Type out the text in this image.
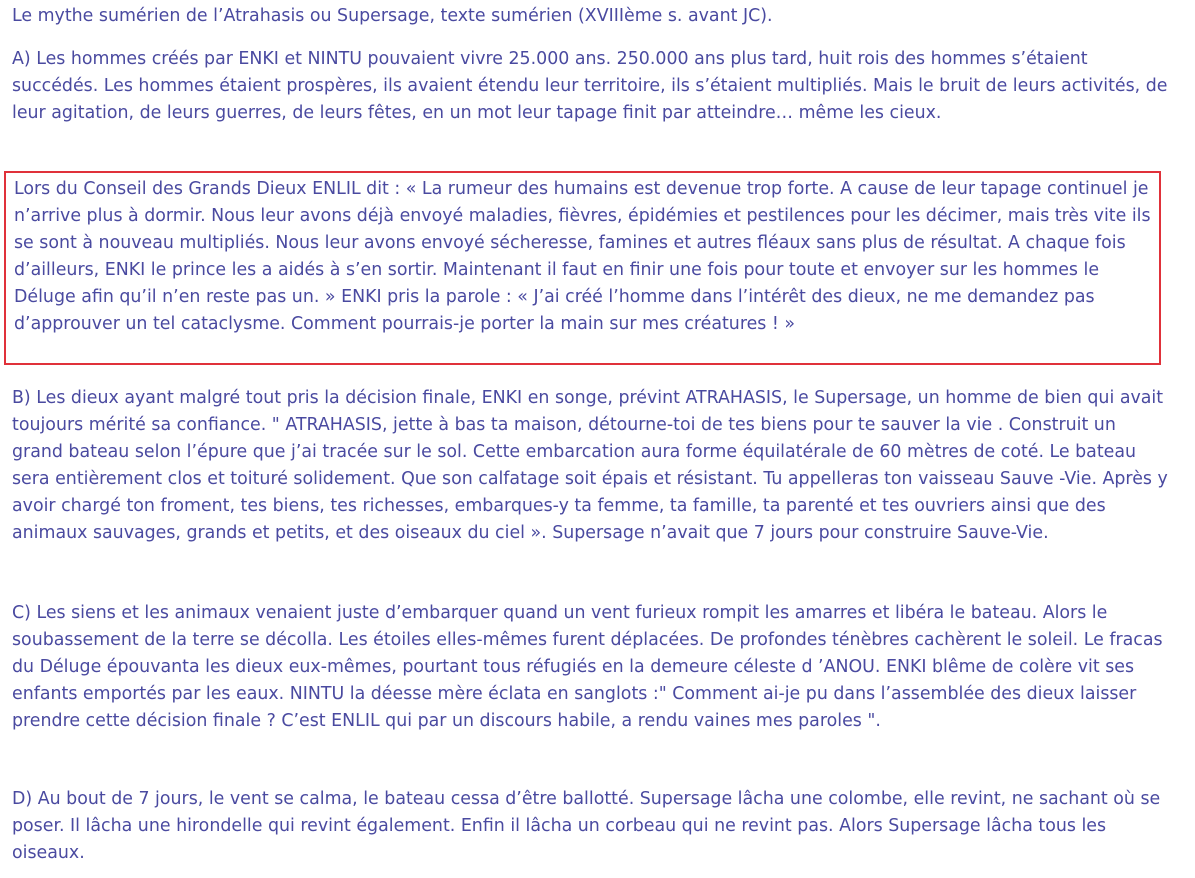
Le mythe sumérien de l’Atrahasis ou Supersage, texte sumérien (XVIIIème s. avant JC).

A) Les hommes créés par ENKI et NINTU pouvaient vivre 25.000 ans. 250.000 ans plus tard, huit rois des hommes s’étaient succédés. Les hommes étaient prospères, ils avaient étendu leur territoire, ils s’étaient multipliés. Mais le bruit de leurs activités, de leur agitation, de leurs guerres, de leurs fêtes, en un mot leur tapage finit par atteindre… même les cieux.

Lors du Conseil des Grands Dieux ENLIL dit : « La rumeur des humains est devenue trop forte. A cause de leur tapage continuel je n’arrive plus à dormir. Nous leur avons déjà envoyé maladies, fièvres, épidémies et pestilences pour les décimer, mais très vite ils se sont à nouveau multipliés. Nous leur avons envoyé sécheresse, famines et autres fléaux sans plus de résultat. A chaque fois d’ailleurs, ENKI le prince les a aidés à s’en sortir. Maintenant il faut en finir une fois pour toute et envoyer sur les hommes le Déluge afin qu’il n’en reste pas un. » ENKI pris la parole : « J’ai créé l’homme dans l’intérêt des dieux, ne me demandez pas d’approuver un tel cataclysme. Comment pourrais-je porter la main sur mes créatures ! »

B) Les dieux ayant malgré tout pris la décision finale, ENKI en songe, prévint ATRAHASIS, le Supersage, un homme de bien qui avait toujours mérité sa confiance. " ATRAHASIS, jette à bas ta maison, détourne-toi de tes biens pour te sauver la vie . Construit un grand bateau selon l’épure que j’ai tracée sur le sol. Cette embarcation aura forme équilatérale de 60 mètres de coté. Le bateau sera entièrement clos et toituré solidement. Que son calfatage soit épais et résistant. Tu appelleras ton vaisseau Sauve -Vie. Après y avoir chargé ton froment, tes biens, tes richesses, embarques-y ta femme, ta famille, ta parenté et tes ouvriers ainsi que des animaux sauvages, grands et petits, et des oiseaux du ciel ». Supersage n’avait que 7 jours pour construire Sauve-Vie.

C) Les siens et les animaux venaient juste d’embarquer quand un vent furieux rompit les amarres et libéra le bateau. Alors le soubassement de la terre se décolla. Les étoiles elles-mêmes furent déplacées. De profondes ténèbres cachèrent le soleil. Le fracas du Déluge épouvanta les dieux eux-mêmes, pourtant tous réfugiés en la demeure céleste d ’ANOU. ENKI blême de colère vit ses enfants emportés par les eaux. NINTU la déesse mère éclata en sanglots :" Comment ai-je pu dans l’assemblée des dieux laisser prendre cette décision finale ? C’est ENLIL qui par un discours habile, a rendu vaines mes paroles ".

D) Au bout de 7 jours, le vent se calma, le bateau cessa d’être ballotté. Supersage lâcha une colombe, elle revint, ne sachant où se poser. Il lâcha une hirondelle qui revint également. Enfin il lâcha un corbeau qui ne revint pas. Alors Supersage lâcha tous les oiseaux.
